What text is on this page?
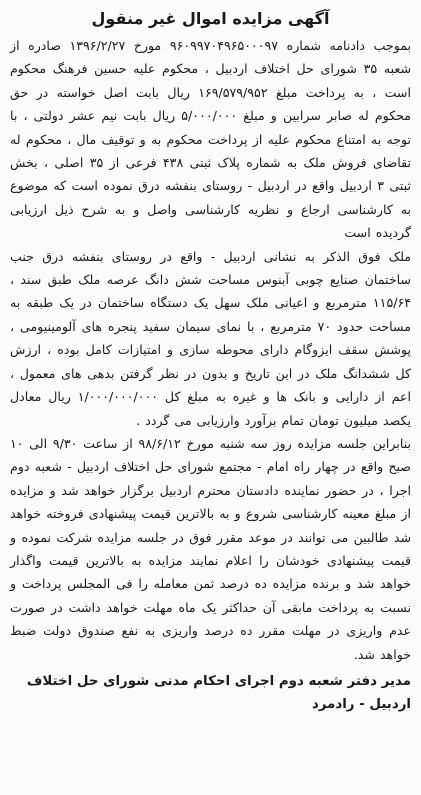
آگهی مزایده اموال غیر منقول

بموجب دادنامه شماره ۹۶۰۹۹۷۰۴۹۶۵۰۰۰۹۷ مورخ ۱۳۹۶/۲/۲۷ صادره از شعبه ۳۵ شورای حل اختلاف اردبیل ، محکوم علیه حسین فرهنگ محکوم است ، به پرداخت مبلغ ۱۶۹/۵۷۹/۹۵۲ ریال بابت اصل خواسته در حق محکوم له صابر سرابین و مبلغ ۵/۰۰۰/۰۰۰ ریال بابت نیم عشر دولتی ، با توجه به امتناع محکوم علیه از پرداخت محکوم به و توقیف مال ، محکوم له تقاضای فروش ملک به شماره پلاک ثبتی ۴۳۸ فرعی از ۳۵ اصلی ، بخش ثبتی ۳ اردبیل واقع در اردبیل - روستای بنفشه درق نموده است که موضوع به کارشناسی ارجاع و نظریه کارشناسی واصل و به شرح ذیل ارزیابی گردیده است

ملک فوق الذکر به نشانی اردبیل - واقع در روستای بنفشه درق جنب ساختمان صنایع چوبی آبنوس مساحت شش دانگ عرصه ملک طبق سند ، ۱۱۵/۶۴ مترمربع و اعیانی ملک سهل یک دستگاه ساختمان در یک طبقه به مساحت حدود ۷۰ مترمربع ، با نمای سیمان سفید پنجره های آلومینیومی ، پوشش سقف ایزوگام دارای محوطه سازی و امتیازات کامل بوده ، ارزش کل ششدانگ ملک در این تاریخ و بدون در نظر گرفتن بدهی های معمول ، اعم از دارایی و بانک ها و غیره به مبلغ کل ۱/۰۰۰/۰۰۰/۰۰۰ ریال معادل یکصد میلیون تومان تمام برآورد وارزیابی می گردد .

بنابراین جلسه مزایده روز سه شنبه مورخ ۹۸/۶/۱۲ از ساعت ۹/۳۰ الی ۱۰ صبح واقع در چهار راه امام - مجتمع شورای حل اختلاف اردبیل - شعبه دوم اجرا ، در حضور نماینده دادستان محترم اردبیل برگزار خواهد شد و مزایده از مبلغ معینه کارشناسی شروع و به بالاترین قیمت پیشنهادی فروخته خواهد شد طالبین می توانند در موعد مقرر فوق در جلسه مزایده شرکت نموده و قیمت پیشنهادی خودشان را اعلام نمایند مزایده به بالاترین قیمت واگذار خواهد شد و برنده مزایده ده درصد ثمن معامله را فی المجلس پرداخت و نسبت به پرداخت مابقی آن حداکثر یک ماه مهلت خواهد داشت در صورت عدم واریزی در مهلت مقرر ده درصد واریزی به نفع صندوق دولت ضبط خواهد شد.

مدیر دفتر شعبه دوم اجرای احکام مدنی شورای حل اختلاف اردبیل - رادمرد
